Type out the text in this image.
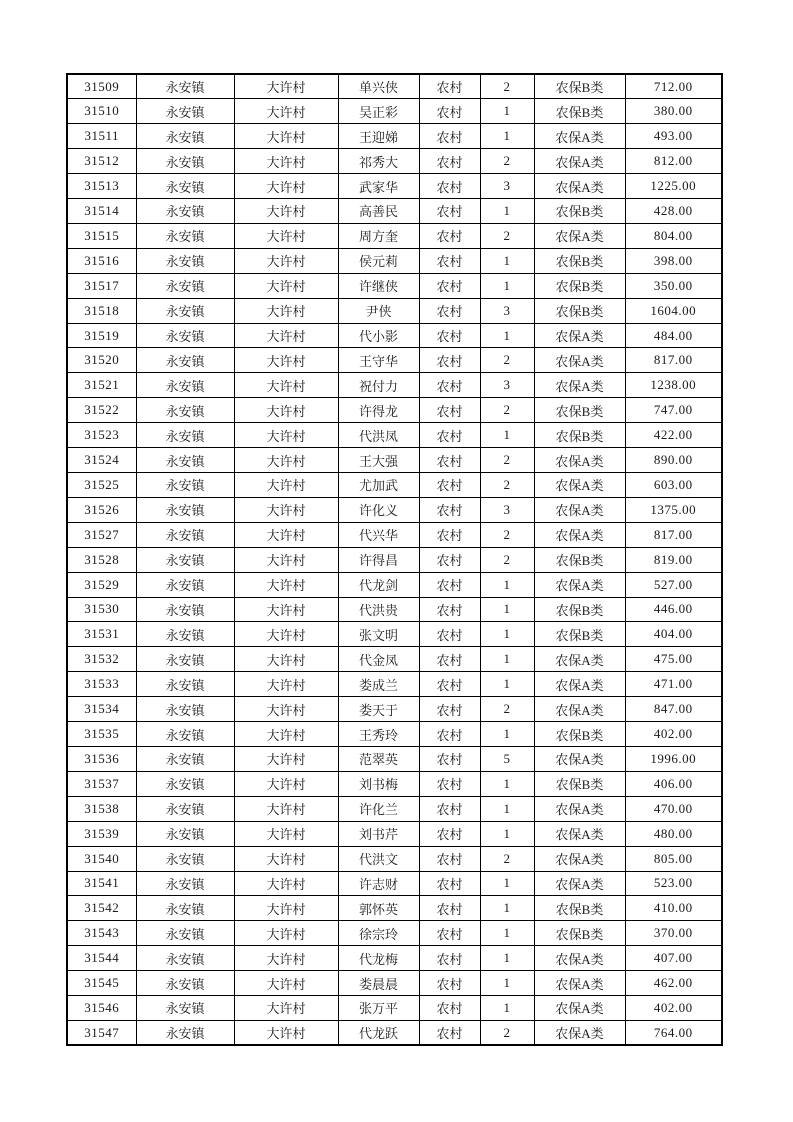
31509	永安镇	大许村	单兴侠	农村	2	农保B类	712.00
31510	永安镇	大许村	吴正彩	农村	1	农保B类	380.00
31511	永安镇	大许村	王迎娣	农村	1	农保A类	493.00
31512	永安镇	大许村	祁秀大	农村	2	农保A类	812.00
31513	永安镇	大许村	武家华	农村	3	农保A类	1225.00
31514	永安镇	大许村	高善民	农村	1	农保B类	428.00
31515	永安镇	大许村	周方奎	农村	2	农保A类	804.00
31516	永安镇	大许村	侯元莉	农村	1	农保B类	398.00
31517	永安镇	大许村	许继侠	农村	1	农保B类	350.00
31518	永安镇	大许村	尹侠	农村	3	农保B类	1604.00
31519	永安镇	大许村	代小影	农村	1	农保A类	484.00
31520	永安镇	大许村	王守华	农村	2	农保A类	817.00
31521	永安镇	大许村	祝付力	农村	3	农保A类	1238.00
31522	永安镇	大许村	许得龙	农村	2	农保B类	747.00
31523	永安镇	大许村	代洪凤	农村	1	农保B类	422.00
31524	永安镇	大许村	王大强	农村	2	农保A类	890.00
31525	永安镇	大许村	尤加武	农村	2	农保A类	603.00
31526	永安镇	大许村	许化义	农村	3	农保A类	1375.00
31527	永安镇	大许村	代兴华	农村	2	农保A类	817.00
31528	永安镇	大许村	许得昌	农村	2	农保B类	819.00
31529	永安镇	大许村	代龙剑	农村	1	农保A类	527.00
31530	永安镇	大许村	代洪贵	农村	1	农保B类	446.00
31531	永安镇	大许村	张文明	农村	1	农保B类	404.00
31532	永安镇	大许村	代金凤	农村	1	农保A类	475.00
31533	永安镇	大许村	娄成兰	农村	1	农保A类	471.00
31534	永安镇	大许村	娄天于	农村	2	农保A类	847.00
31535	永安镇	大许村	王秀玲	农村	1	农保B类	402.00
31536	永安镇	大许村	范翠英	农村	5	农保A类	1996.00
31537	永安镇	大许村	刘书梅	农村	1	农保B类	406.00
31538	永安镇	大许村	许化兰	农村	1	农保A类	470.00
31539	永安镇	大许村	刘书芹	农村	1	农保A类	480.00
31540	永安镇	大许村	代洪文	农村	2	农保A类	805.00
31541	永安镇	大许村	许志财	农村	1	农保A类	523.00
31542	永安镇	大许村	郭怀英	农村	1	农保B类	410.00
31543	永安镇	大许村	徐宗玲	农村	1	农保B类	370.00
31544	永安镇	大许村	代龙梅	农村	1	农保A类	407.00
31545	永安镇	大许村	娄晨晨	农村	1	农保A类	462.00
31546	永安镇	大许村	张万平	农村	1	农保A类	402.00
31547	永安镇	大许村	代龙跃	农村	2	农保A类	764.00
